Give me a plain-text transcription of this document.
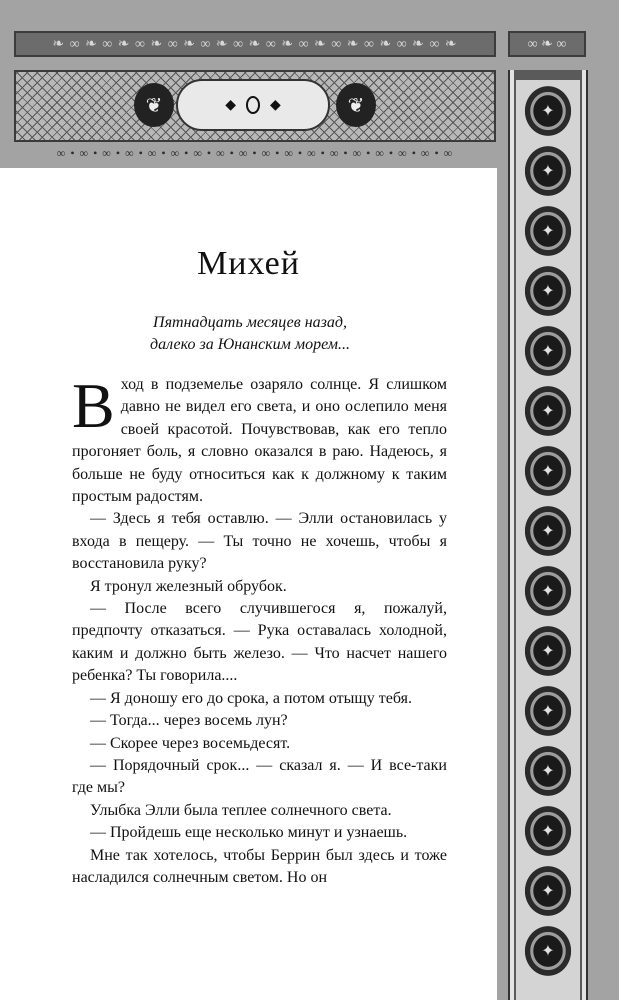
❧ ∞ ❧ ∞ ❧ ∞ ❧ ∞ ❧ ∞ ❧ ∞ ❧ ∞ ❧ ∞ ❧ ∞ ❧ ∞ ❧ ∞ ❧ ∞ ❧	∞ ❧ ∞
❦	❦
◆ ◆
∞ • ∞ • ∞ • ∞ • ∞ • ∞ • ∞ • ∞ • ∞ • ∞ • ∞ • ∞ • ∞ • ∞ • ∞ • ∞ • ∞ • ∞
✦
✦
✦
✦
✦
✦
✦
✦
✦
✦
✦
✦
✦
✦
✦
Михей
Пятнадцать месяцев назад,
далеко за Юнанским морем...

Вход в подземелье озаряло солнце. Я слишком давно не видел его света, и оно ослепило меня своей красотой. Почувствовав, как его тепло прогоняет боль, я словно оказался в раю. Надеюсь, я больше не буду относиться как к должному к таким простым радостям.

— Здесь я тебя оставлю. — Элли остановилась у входа в пещеру. — Ты точно не хочешь, чтобы я восстановила руку?

Я тронул железный обрубок.

— После всего случившегося я, пожалуй, предпочту отказаться. — Рука оставалась холодной, каким и должно быть железо. — Что насчет нашего ребенка? Ты говорила....

— Я доношу его до срока, а потом отыщу тебя.

— Тогда... через восемь лун?

— Скорее через восемьдесят.

— Порядочный срок... — сказал я. — И все-таки где мы?

Улыбка Элли была теплее солнечного света.

— Пройдешь еще несколько минут и узнаешь.

Мне так хотелось, чтобы Беррин был здесь и тоже насладился солнечным светом. Но он
